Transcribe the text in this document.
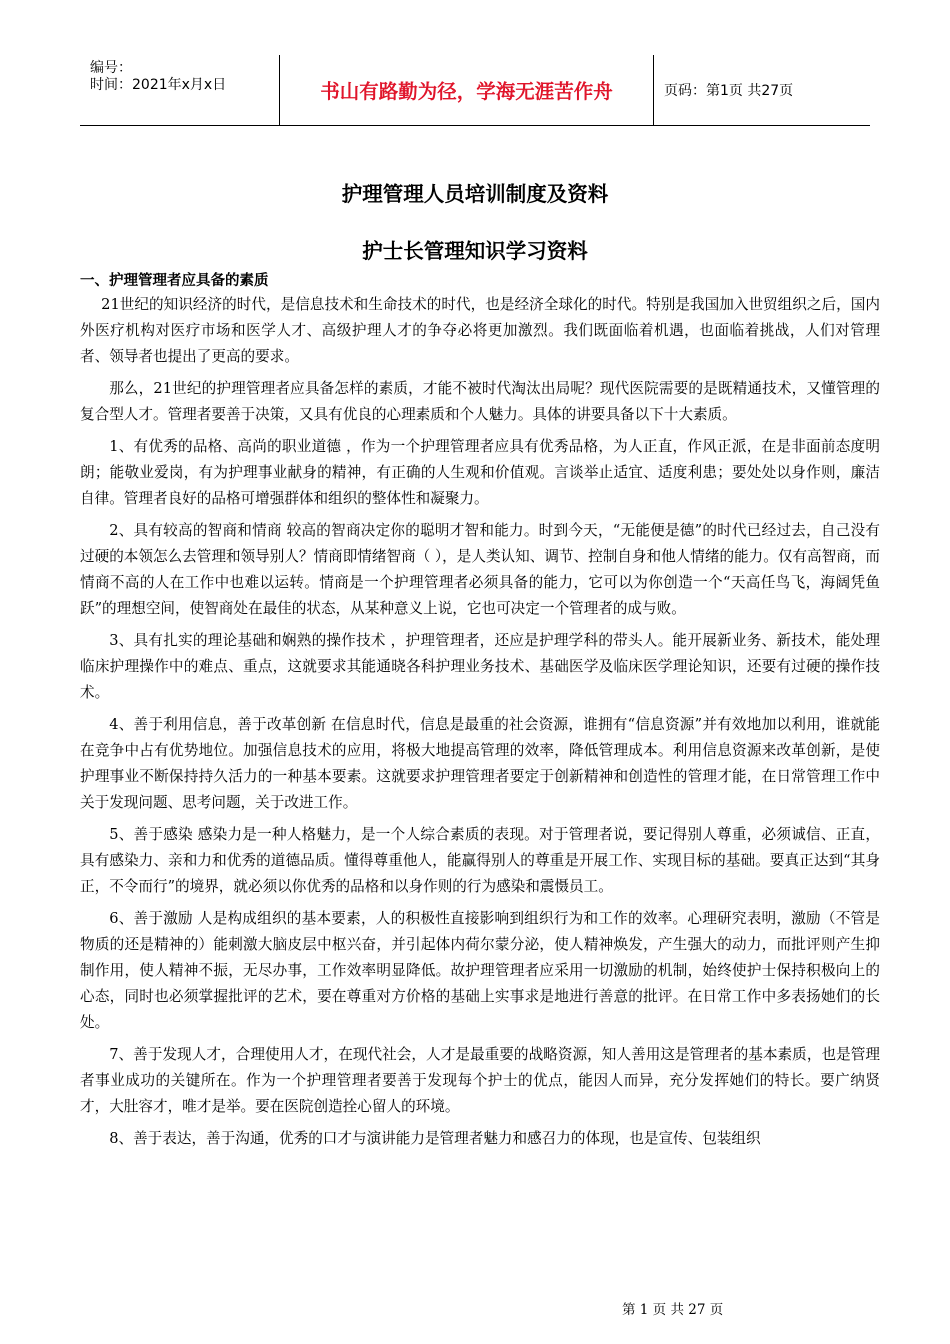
编号：
时间：2021年x月x日	书山有路勤为径，学海无涯苦作舟	页码：第1页 共27页
护理管理人员培训制度及资料
护士长管理知识学习资料
一、护理管理者应具备的素质
21世纪的知识经济的时代，是信息技术和生命技术的时代，也是经济全球化的时代。特别是我国加入世贸组织之后，国内外医疗机构对医疗市场和医学人才、高级护理人才的争夺必将更加激烈。我们既面临着机遇，也面临着挑战，人们对管理者、领导者也提出了更高的要求。
那么，21世纪的护理管理者应具备怎样的素质，才能不被时代淘汰出局呢？现代医院需要的是既精通技术，又懂管理的复合型人才。管理者要善于决策，又具有优良的心理素质和个人魅力。具体的讲要具备以下十大素质。
1、有优秀的品格、高尚的职业道德 ，作为一个护理管理者应具有优秀品格，为人正直，作风正派，在是非面前态度明朗；能敬业爱岗，有为护理事业献身的精神，有正确的人生观和价值观。言谈举止适宜、适度利患；要处处以身作则，廉洁自律。管理者良好的品格可增强群体和组织的整体性和凝聚力。
2、具有较高的智商和情商 较高的智商决定你的聪明才智和能力。时到今天，“无能便是德”的时代已经过去，自己没有过硬的本领怎么去管理和领导别人？情商即情绪智商（ ），是人类认知、调节、控制自身和他人情绪的能力。仅有高智商，而情商不高的人在工作中也难以运转。情商是一个护理管理者必须具备的能力，它可以为你创造一个“天高任鸟飞，海阔凭鱼跃”的理想空间，使智商处在最佳的状态，从某种意义上说，它也可决定一个管理者的成与败。
3、具有扎实的理论基础和娴熟的操作技术 ，护理管理者，还应是护理学科的带头人。能开展新业务、新技术，能处理临床护理操作中的难点、重点，这就要求其能通晓各科护理业务技术、基础医学及临床医学理论知识，还要有过硬的操作技术。
4、善于利用信息，善于改革创新 在信息时代，信息是最重的社会资源，谁拥有“信息资源”并有效地加以利用，谁就能在竞争中占有优势地位。加强信息技术的应用，将极大地提高管理的效率，降低管理成本。利用信息资源来改革创新，是使护理事业不断保持持久活力的一种基本要素。这就要求护理管理者要定于创新精神和创造性的管理才能，在日常管理工作中关于发现问题、思考问题，关于改进工作。
5、善于感染 感染力是一种人格魅力，是一个人综合素质的表现。对于管理者说，要记得别人尊重，必须诚信、正直，具有感染力、亲和力和优秀的道德品质。懂得尊重他人，能赢得别人的尊重是开展工作、实现目标的基础。要真正达到“其身正，不令而行”的境界，就必须以你优秀的品格和以身作则的行为感染和震慑员工。
6、善于激励 人是构成组织的基本要素，人的积极性直接影响到组织行为和工作的效率。心理研究表明，激励（不管是物质的还是精神的）能刺激大脑皮层中枢兴奋，并引起体内荷尔蒙分泌，使人精神焕发，产生强大的动力，而批评则产生抑制作用，使人精神不振，无尽办事，工作效率明显降低。故护理管理者应采用一切激励的机制，始终使护士保持积极向上的心态，同时也必须掌握批评的艺术，要在尊重对方价格的基础上实事求是地进行善意的批评。在日常工作中多表扬她们的长处。
7、善于发现人才，合理使用人才，在现代社会，人才是最重要的战略资源，知人善用这是管理者的基本素质，也是管理者事业成功的关键所在。作为一个护理管理者要善于发现每个护士的优点，能因人而异，充分发挥她们的特长。要广纳贤才，大肚容才，唯才是举。要在医院创造拴心留人的环境。
8、善于表达，善于沟通，优秀的口才与演讲能力是管理者魅力和感召力的体现，也是宣传、包装组织
第 1 页 共 27 页
